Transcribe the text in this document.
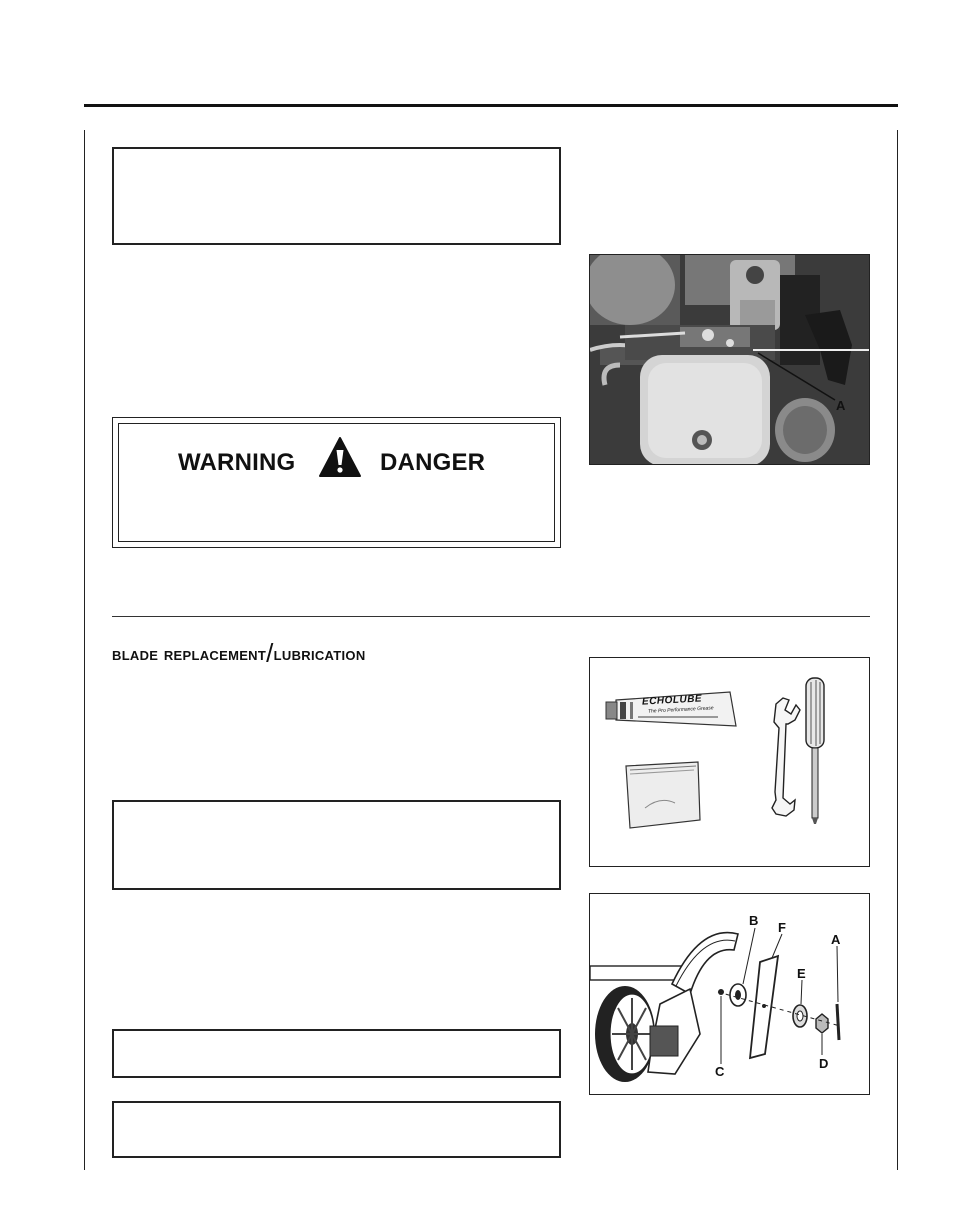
WARNING	DANGER
blade replacement/lubrication
A
ECHOLUBE
The Pro Performance Grease
B F
A
E
C
D
